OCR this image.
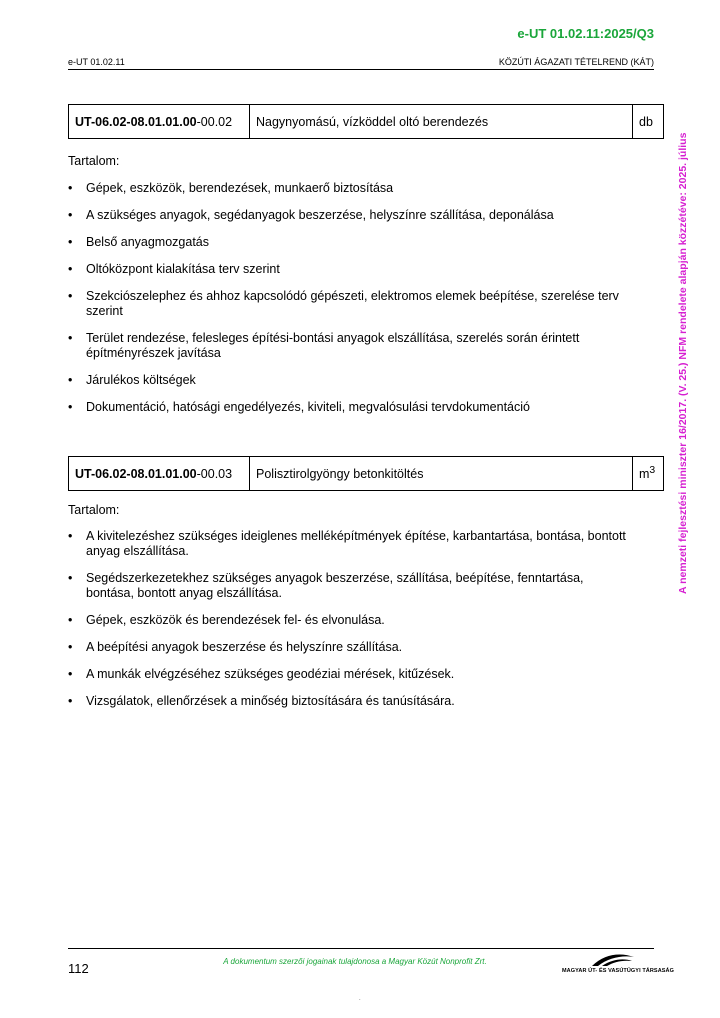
e-UT 01.02.11:2025/Q3
e-UT 01.02.11	KÖZÚTI ÁGAZATI TÉTELREND (KÁT)
A nemzeti fejlesztési miniszter 16/2017. (V. 25.) NFM rendelete alapján közzétéve: 2025. július
UT-06.02-08.01.01.00-00.02	Nagynyomású, vízköddel oltó berendezés	db
Tartalom:
• Gépek, eszközök, berendezések, munkaerő biztosítása
• A szükséges anyagok, segédanyagok beszerzése, helyszínre szállítása, deponálása
• Belső anyagmozgatás
• Oltóközpont kialakítása terv szerint
• Szekciószelephez és ahhoz kapcsolódó gépészeti, elektromos elemek beépítése, szerelése terv szerint
• Terület rendezése, felesleges építési-bontási anyagok elszállítása, szerelés során érintett építményrészek javítása
• Járulékos költségek
• Dokumentáció, hatósági engedélyezés, kiviteli, megvalósulási tervdokumentáció
UT-06.02-08.01.01.00-00.03	Polisztirolgyöngy betonkitöltés	$m^3$
Tartalom:
• A kivitelezéshez szükséges ideiglenes melléképítmények építése, karbantartása, bontása, bontott anyag elszállítása.
• Segédszerkezetekhez szükséges anyagok beszerzése, szállítása, beépítése, fenntartása, bontása, bontott anyag elszállítása.
• Gépek, eszközök és berendezések fel- és elvonulása.
• A beépítési anyagok beszerzése és helyszínre szállítása.
• A munkák elvégzéséhez szükséges geodéziai mérések, kitűzések.
• Vizsgálatok, ellenőrzések a minőség biztosítására és tanúsítására.
112	A dokumentum szerzői jogainak tulajdonosa a Magyar Közút Nonprofit Zrt.
MAGYAR ÚT- ÉS VASÚTÜGYI TÁRSASÁG
.
